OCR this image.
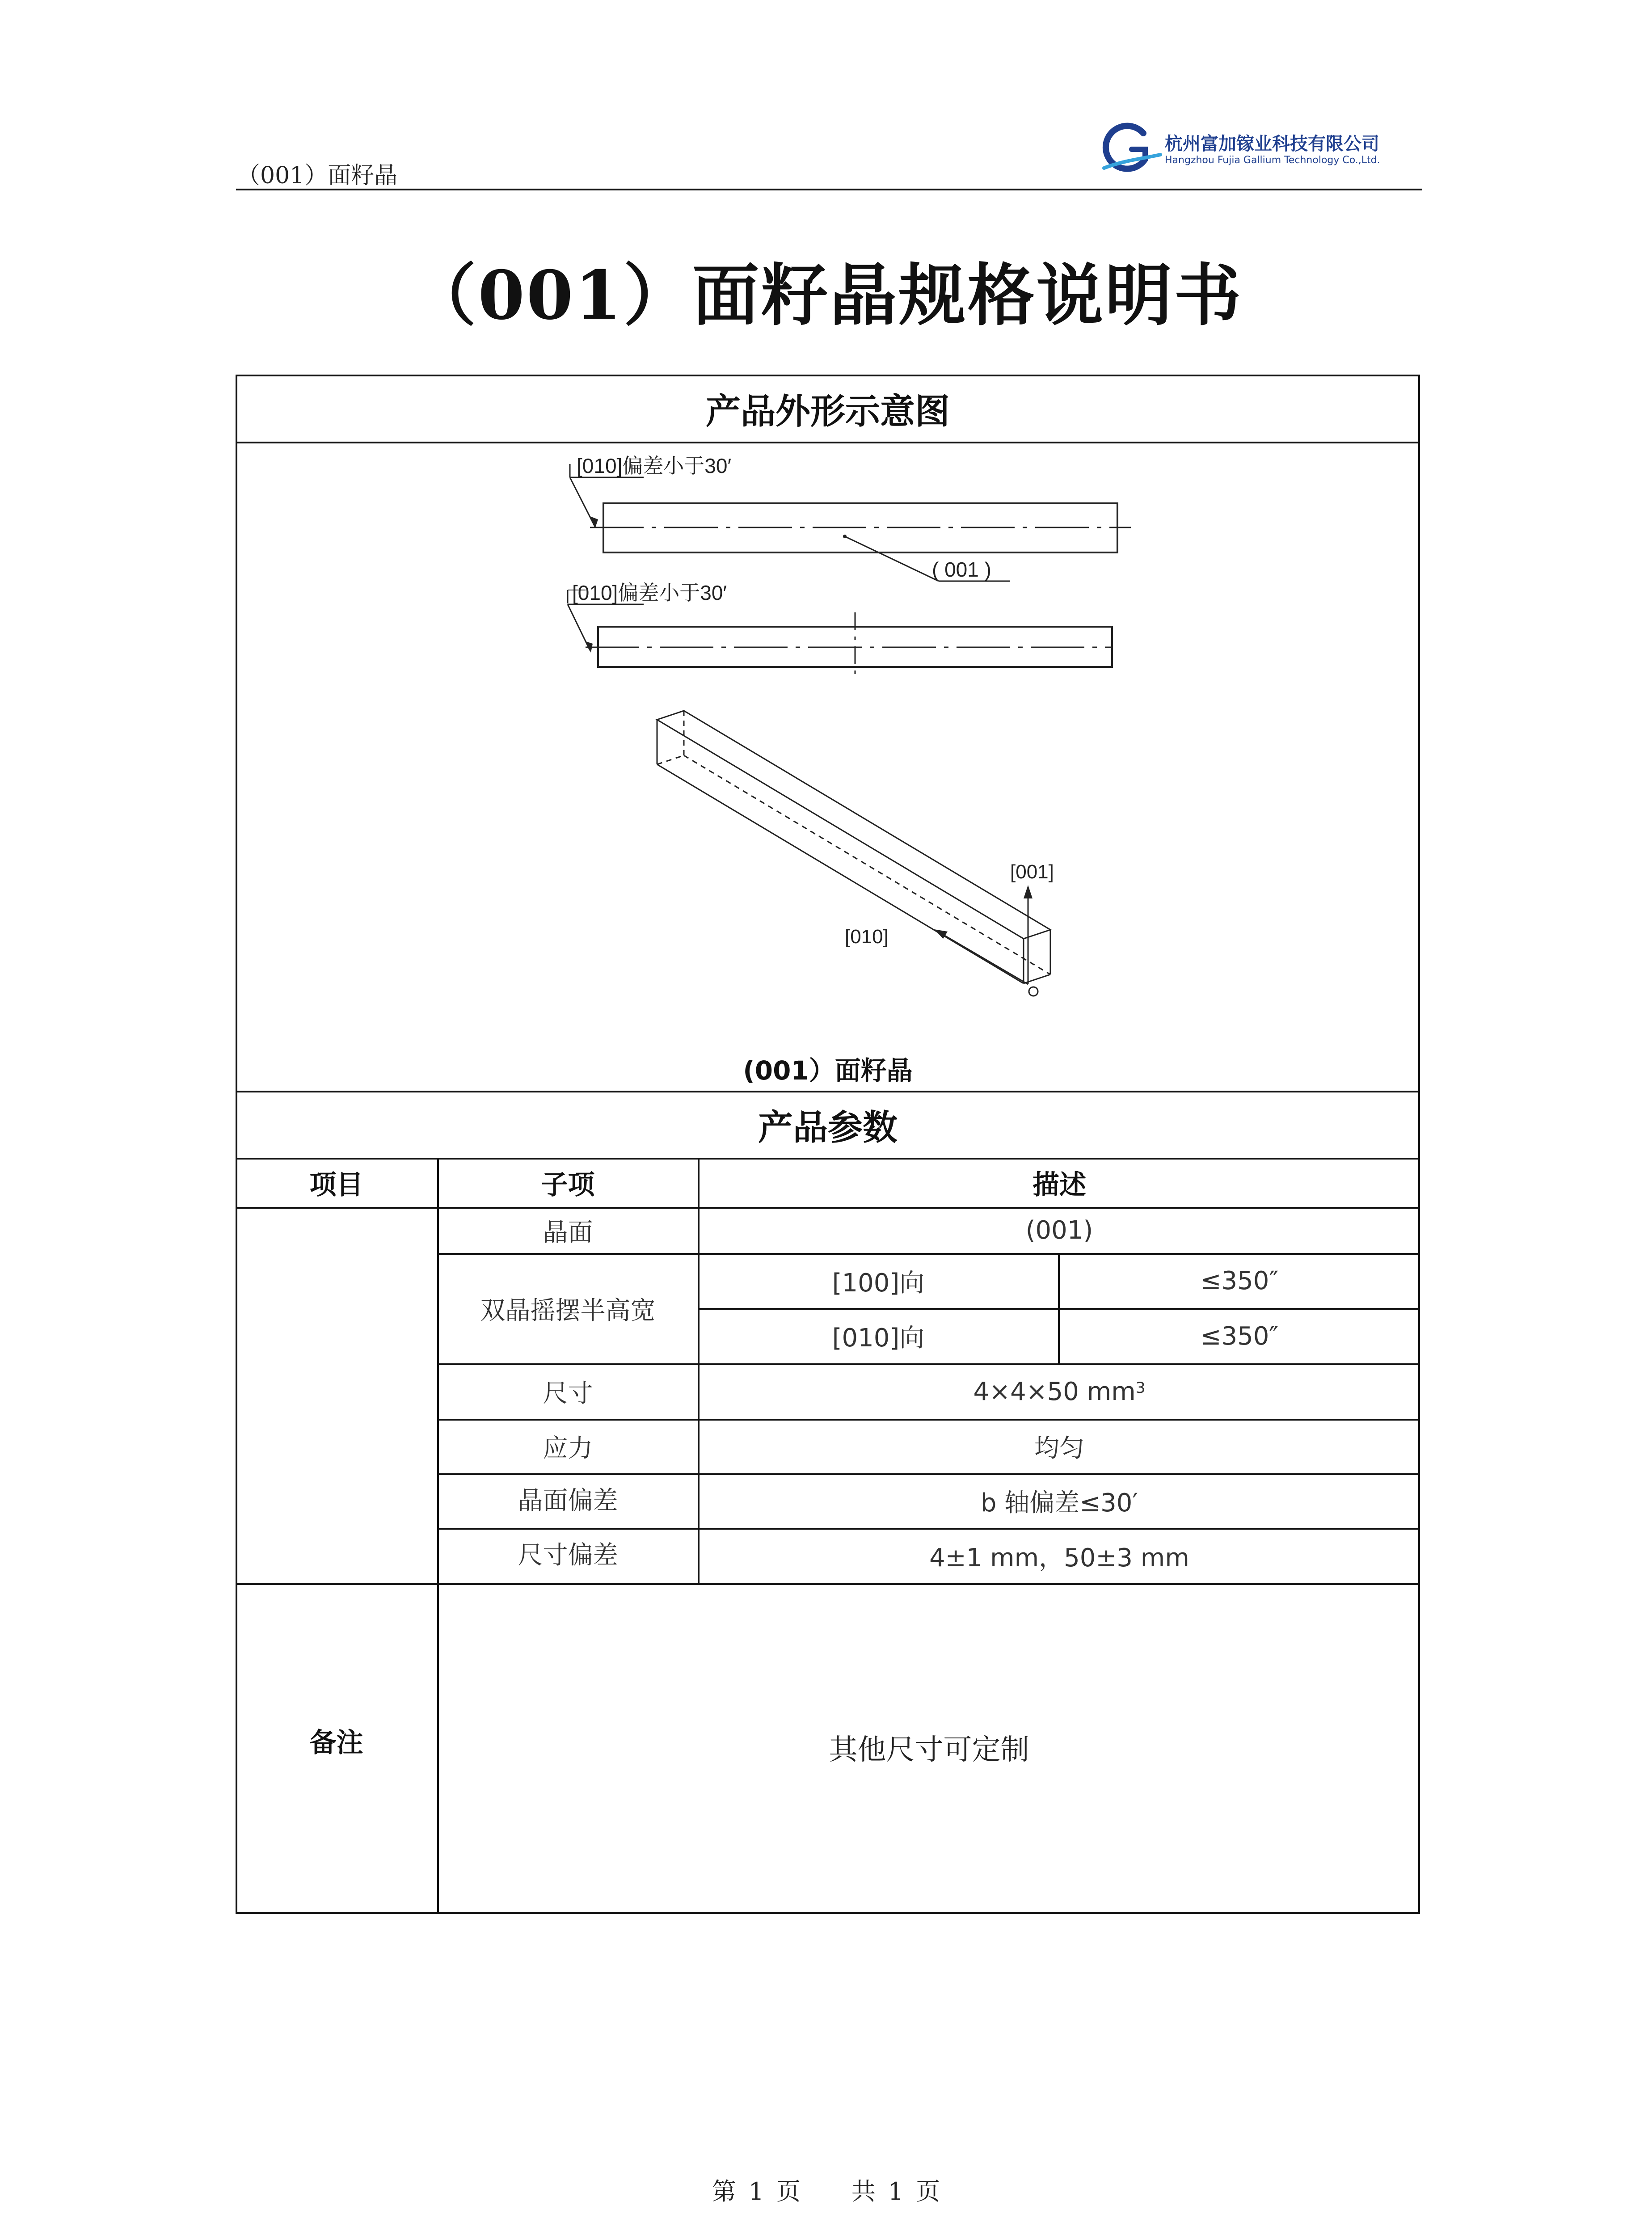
（001）面籽晶
杭州富加镓业科技有限公司
Hangzhou Fujia Gallium Technology Co.,Ltd.
（001）面籽晶规格说明书
产品外形示意图
[010]偏差小于30′
( 001 )
[010]偏差小于30′
[001]
[010]
(001）面籽晶
产品参数
项目	子项	描述
晶面	(001)
双晶摇摆半高宽
[100]向	≤350″
[010]向	≤350″
尺寸	4×4×50 $mm^3$
应力	均匀
晶面偏差	b 轴偏差≤30′
尺寸偏差	4±1 mm，50±3 mm
备注	其他尺寸可定制
第 1 页 共 1 页
